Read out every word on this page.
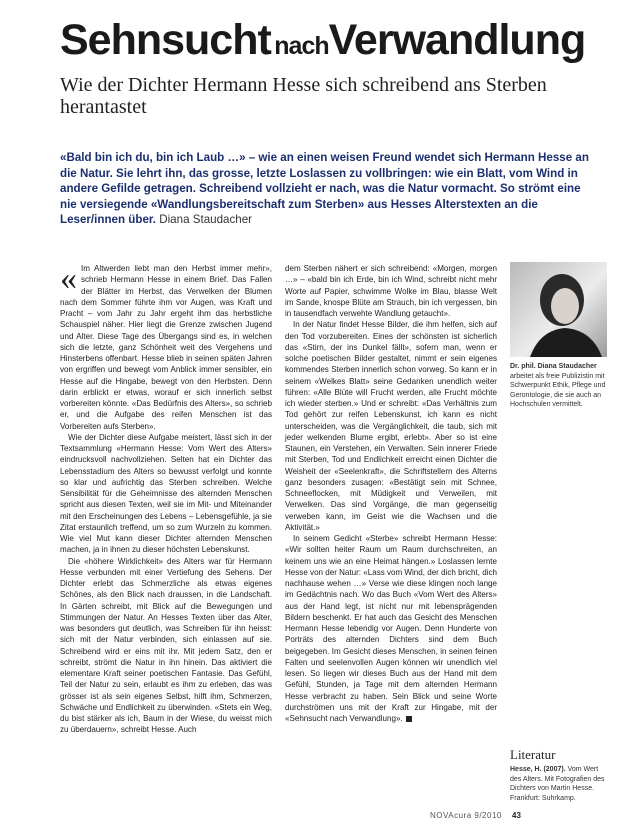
Sehnsucht nachVerwandlung
Wie der Dichter Hermann Hesse sich schreibend ans Sterben herantastet
«Bald bin ich du, bin ich Laub …» – wie an einen weisen Freund wendet sich Hermann Hesse an die Natur. Sie lehrt ihn, das grosse, letzte Loslassen zu vollbringen: wie ein Blatt, vom Wind in andere Gefilde getragen. Schreibend vollzieht er nach, was die Natur vormacht. So strömt eine nie versiegende «Wandlungsbereitschaft zum Sterben» aus Hesses Alterstexten an die Leser/innen über. Diana Staudacher
« Im Altwerden liebt man den Herbst immer mehr», schrieb Hermann Hesse in einem Brief. Das Fallen der Blätter im Herbst, das Verwelken der Blumen nach dem Sommer führte ihm vor Augen, was Kraft und Pracht – vom Jahr zu Jahr ergeht ihm das herbstliche Schauspiel näher. Hier liegt die Grenze zwischen Jugend und Alter. Diese Tage des Übergangs sind es, in welchen sich die letzte, ganz Schönheit weit des Vergehens und Hinsterbens offenbart. Hesse blieb in seinen späten Jahren von ergriffen und bewegt vom Anblick immer sensibler, ein Hesse auf die Hingabe, bewegt von den Herbsten. Denn darin erblickt er etwas, worauf er sich innerlich selbst vorbereiten könnte. «Das Bedürfnis des Alters», so schrieb er, und die Aufgabe des reifen Menschen ist das Vorbereiten aufs Sterben».

Wie der Dichter diese Aufgabe meistert, lässt sich in der Textsammlung «Hermann Hesse: Vom Wert des Alters» eindrucksvoll nachvollziehen. Selten hat ein Dichter das Lebensstadium des Alters so bewusst verfolgt und konnte so klar und aufrichtig das Sterben schreiben. Welche Sensibilität für die Geheimnisse des alternden Menschen spricht aus diesen Texten, weil sie im Mit- und Miteinander mit den Erscheinungen des Lebens – Lebensgefühle, ja sie Zitat erstaunlich treffend, um so zum Wurzeln zu kommen. Wie viel Mut kann dieser Dichter alternden Menschen machen, ja in ihnen zu dieser höchsten Lebenskunst.

Die «höhere Wirklichkeit» des Alters war für Hermann Hesse verbunden mit einer Vertiefung des Sehens. Der Dichter erlebt das Schmerzliche als etwas eigenes Schönes, als den Blick nach draussen, in die Landschaft. In Gärten schreibt, mit Blick auf die Bewegungen und Stimmungen der Natur. An Hesses Texten über das Alter, was besonders gut deutlich, was Schreiben für ihn heisst: sich mit der Natur verbinden, sich einlassen auf sie. Schreibend wird er eins mit ihr. Mit jedem Satz, den er schreibt, strömt die Natur in ihn hinein. Das aktiviert die elementare Kraft seiner poetischen Fantasie. Das Gefühl, Teil der Natur zu sein, erlaubt es ihm zu erleben, das was grösser ist als sein eigenes Selbst, hilft ihm, Schmerzen, Schwäche und Endlichkeit zu überwinden. «Stets ein Weg, du bist stärker als ich, Baum in der Wiese, du weisst mich zu überdauern», schreibt Hesse. Auch

dem Sterben nähert er sich schreibend: «Morgen, morgen …» – «bald bin ich Erde, bin ich Wind, schreibt nicht mehr Worte auf Papier, schwimme Wolke im Blau, blasse Welt im Sande, knospe Blüte am Strauch, bin ich vergessen, bin in tausendfach verwehte Wandlung getaucht».

In der Natur findet Hesse Bilder, die ihm helfen, sich auf den Tod vorzubereiten. Eines der schönsten ist sicherlich das «Stirn, der ins Dunkel fällt», sofern man, wenn er solche poetischen Bilder gestaltet, nimmt er sein eigenes kommendes Sterben innerlich schon vorweg. So kann er in seinem «Welkes Blatt» seine Gedanken unendlich weiter führen: «Alle Blüte will Frucht werden, alle Frucht möchte ich wieder sterben.» Und er schreibt: «Das Verhältnis zum Tod gehört zur reifen Lebenskunst, ich kann es nicht unterscheiden, was die Vergänglichkeit, die taub, sich mit jeder welkenden Blume ergibt, erlebt». Aber so ist eine Staunen, ein Verstehen, ein Verwalten. Sein innerer Friede mit Sterben, Tod und Endlichkeit erreicht einen Dichter die Weisheit der «Seelenkraft», die Schriftstellern des Alterns ganz besonders zusagen: «Bestätigt sein mit Schnee, Schneeflocken, mit Müdigkeit und Verweilen, mit Verwelken. Das sind Vorgänge, die man gegenseitig verweben kann, im Geist wie die Wachsen und die Aktivität.»

In seinem Gedicht «Sterbe» schreibt Hermann Hesse: «Wir sollten heiter Raum um Raum durchschreiten, an keinem uns wie an eine Heimat hängen.» Loslassen lernte Hesse von der Natur: «Lass vom Wind, der dich bricht, dich nachhause wehen …» Verse wie diese klingen noch lange im Gedächtnis nach. Wo das Buch «Vom Wert des Alters» aus der Hand legt, ist nicht nur mit lebensprägenden Bildern beschenkt. Er hat auch das Gesicht des Menschen Hermann Hesse lebendig vor Augen. Denn Hunderte von Porträts des alternden Dichters sind dem Buch beigegeben. Im Gesicht dieses Menschen, in seinen feinen Falten und seelenvollen Augen können wir unendlich viel lesen. So liegen wir dieses Buch aus der Hand mit dem Gefühl, Stunden, ja Tage mit dem alternden Hermann Hesse verbracht zu haben. Sein Blick und seine Worte durchströmen uns mit der Kraft zur Hingabe, mit der «Sehnsucht nach Verwandlung».

Dr. phil. Diana Staudacher arbeitet als freie Publizistin mit Schwerpunkt Ethik, Pflege und Gerontologie, die sie auch an Hochschulen vermittelt.
Literatur
Hesse, H. (2007). Vom Wert des Alters. Mit Fotografien des Dichters von Martin Hesse. Frankfurt: Suhrkamp.
NOVAcura 9/2010 43
